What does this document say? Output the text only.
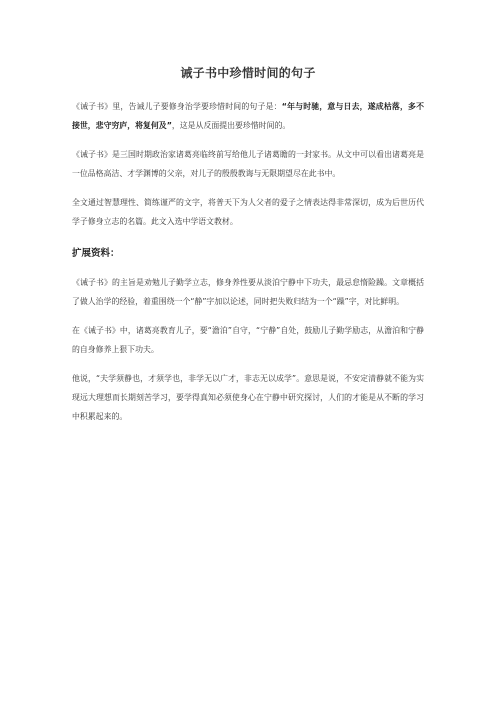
诫子书中珍惜时间的句子

《诫子书》里，告诫儿子要修身治学要珍惜时间的句子是：“年与时驰，意与日去，遂成枯落，多不接世，悲守穷庐，将复何及”，这是从反面提出要珍惜时间的。

《诫子书》是三国时期政治家诸葛亮临终前写给他儿子诸葛瞻的一封家书。从文中可以看出诸葛亮是一位品格高洁、才学渊博的父亲，对儿子的殷殷教诲与无限期望尽在此书中。

全文通过智慧理性、简练谨严的文字，将普天下为人父者的爱子之情表达得非常深切，成为后世历代学子修身立志的名篇。此文入选中学语文教材。

扩展资料：

《诫子书》的主旨是劝勉儿子勤学立志，修身养性要从淡泊宁静中下功夫，最忌怠惰险躁。文章概括了做人治学的经验，着重围绕一个“静”字加以论述，同时把失败归结为一个“躁”字，对比鲜明。

在《诫子书》中，诸葛亮教育儿子，要“澹泊”自守，“宁静”自处，鼓励儿子勤学励志，从澹泊和宁静的自身修养上狠下功夫。

他说，“夫学须静也，才须学也，非学无以广才，非志无以成学”。意思是说，不安定清静就不能为实现远大理想而长期刻苦学习，要学得真知必须使身心在宁静中研究探讨，人们的才能是从不断的学习中积累起来的。
